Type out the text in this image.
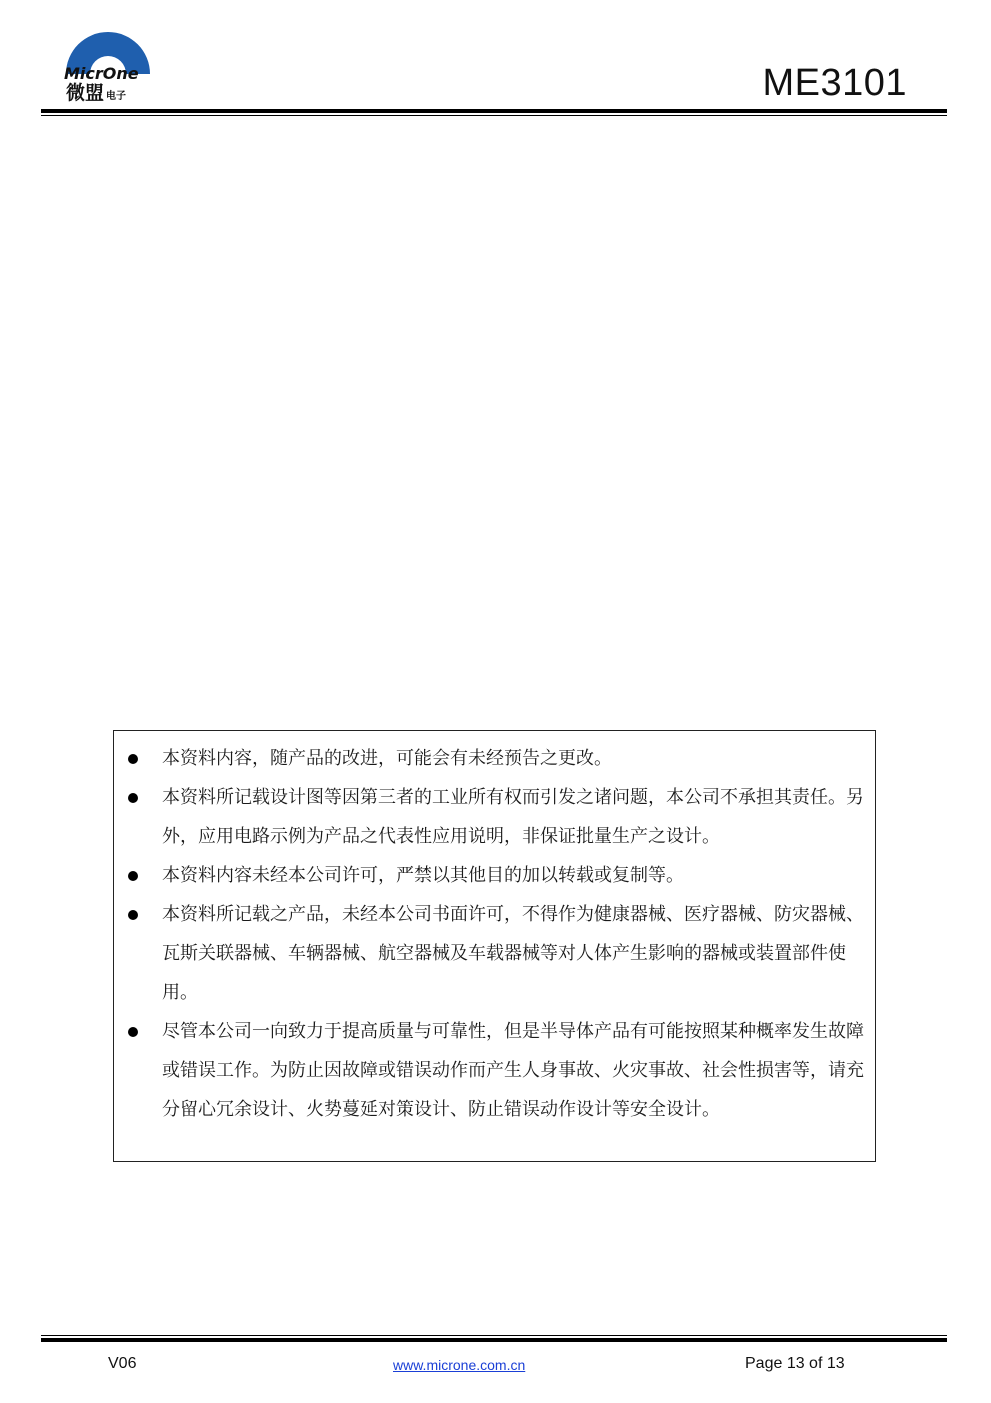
MicrOne
微盟 电子	ME3101
本资料内容，随产品的改进，可能会有未经预告之更改。
本资料所记载设计图等因第三者的工业所有权而引发之诸问题，本公司不承担其责任。另外，应用电路示例为产品之代表性应用说明，非保证批量生产之设计。
本资料内容未经本公司许可，严禁以其他目的加以转载或复制等。
本资料所记载之产品，未经本公司书面许可，不得作为健康器械、医疗器械、防灾器械、瓦斯关联器械、车辆器械、航空器械及车载器械等对人体产生影响的器械或装置部件使用。
尽管本公司一向致力于提高质量与可靠性，但是半导体产品有可能按照某种概率发生故障或错误工作。为防止因故障或错误动作而产生人身事故、火灾事故、社会性损害等，请充分留心冗余设计、火势蔓延对策设计、防止错误动作设计等安全设计。
V06	www.microne.com.cn	Page 13 of 13
